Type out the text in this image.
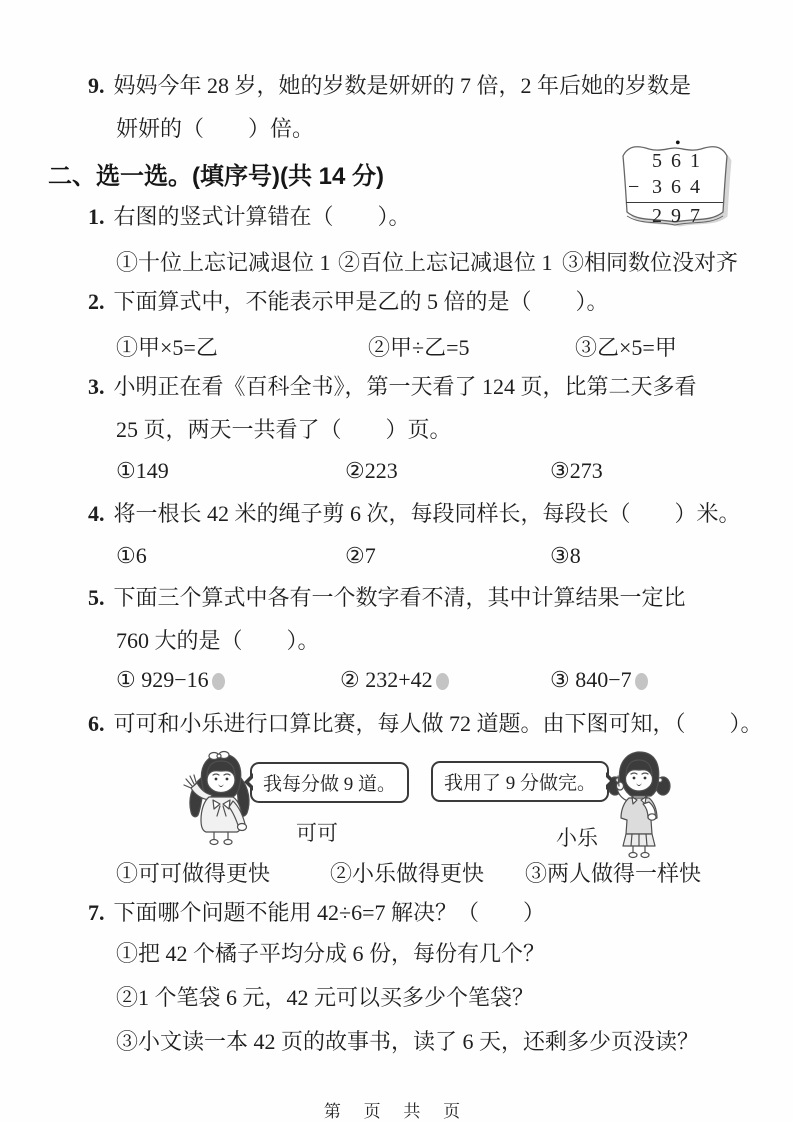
9. 妈妈今年 28 岁，她的岁数是妍妍的 7 倍，2 年后她的岁数是
妍妍的（　　）倍。
二、选一选。(填序号)(共 14 分)
•
561
− 364
297
1. 右图的竖式计算错在（　　）。
①十位上忘记减退位 1 ②百位上忘记减退位 1 ③相同数位没对齐
2. 下面算式中，不能表示甲是乙的 5 倍的是（　　）。
①甲×5=乙	②甲÷乙=5	③乙×5=甲
3. 小明正在看《百科全书》，第一天看了 124 页，比第二天多看
25 页，两天一共看了（　　）页。
①149	②223	③273
4. 将一根长 42 米的绳子剪 6 次，每段同样长，每段长（　　）米。
①6	②7	③8
5. 下面三个算式中各有一个数字看不清，其中计算结果一定比
760 大的是（　　）。
① 929−16	② 232+42	③ 840−7
6. 可可和小乐进行口算比赛，每人做 72 道题。由下图可知，（　　）。
我每分做 9 道。
可可
我用了 9 分做完。
小乐
①可可做得更快	②小乐做得更快 ③两人做得一样快
7. 下面哪个问题不能用 42÷6=7 解决？（　　）
①把 42 个橘子平均分成 6 份，每份有几个？
②1 个笔袋 6 元，42 元可以买多少个笔袋？
③小文读一本 42 页的故事书，读了 6 天，还剩多少页没读？
第 页 共 页
